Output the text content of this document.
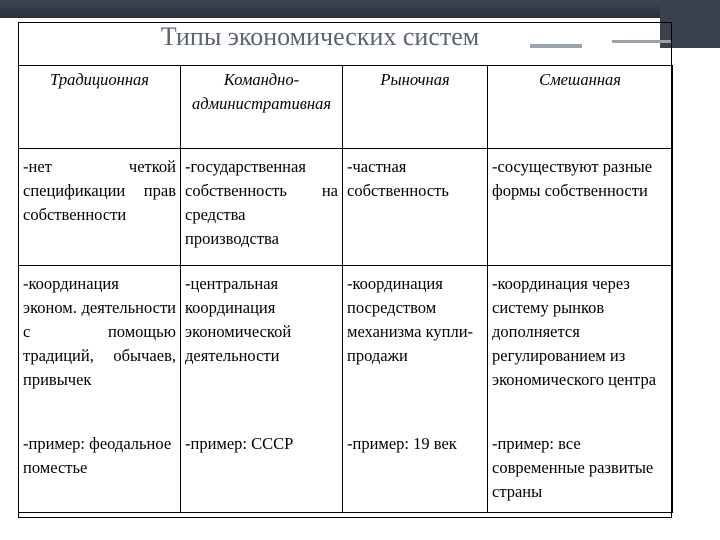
Типы экономических систем
Традиционная	Командно-административная	Рыночная	Смешанная
-нет четкой спецификации прав собственности	-государственная собственность на средства производства	-частная собственность	-сосуществуют разные формы собственности
-координация эконом. деятельности с помощью традиций, обычаев, привычек	-центральная координация экономической деятельности	-координация посредством механизма купли-продажи	-координация через систему рынков дополняется регулированием из экономического центра
-пример: феодальное поместье	-пример: СССР	-пример: 19 век	-пример: все современные развитые страны
